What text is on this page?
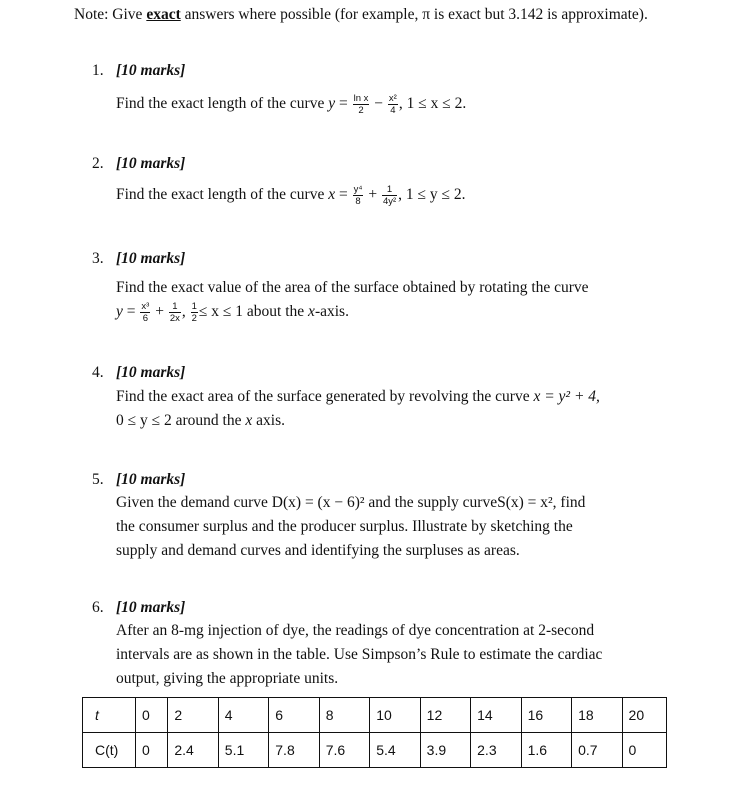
Note: Give exact answers where possible (for example, π is exact but 3.142 is approximate).
1. [10 marks]
Find the exact length of the curve $y = \frac{\text{ln x}}{2} - \frac{\text{x²}}{4}$ , 1 ≤ x ≤ 2.
2. [10 marks]
Find the exact length of the curve $x = \frac{\text{y⁴}}{8} + \frac{1}{\text{4y²}}$ , 1 ≤ y ≤ 2.
3. [10 marks]
Find the exact value of the area of the surface obtained by rotating the curve
$y = \frac{\text{x³}}{6} + \frac{1}{2x}$ , $\frac{1}{2} \le x \le 1$ about the x-axis.
4. [10 marks]
Find the exact area of the surface generated by revolving the curve x = y² + 4,
0 ≤ y ≤ 2 around the x axis.
5. [10 marks]
Given the demand curve D(x) = (x − 6)² and the supply curveS(x) = x², find
the consumer surplus and the producer surplus. Illustrate by sketching the
supply and demand curves and identifying the surpluses as areas.
6. [10 marks]
After an 8-mg injection of dye, the readings of dye concentration at 2-second
intervals are as shown in the table. Use Simpson’s Rule to estimate the cardiac
output, giving the appropriate units.
t	0	2	4	6	8	10	12	14	16	18	20
C(t)	0	2.4	5.1	7.8	7.6	5.4	3.9	2.3	1.6	0.7	0
